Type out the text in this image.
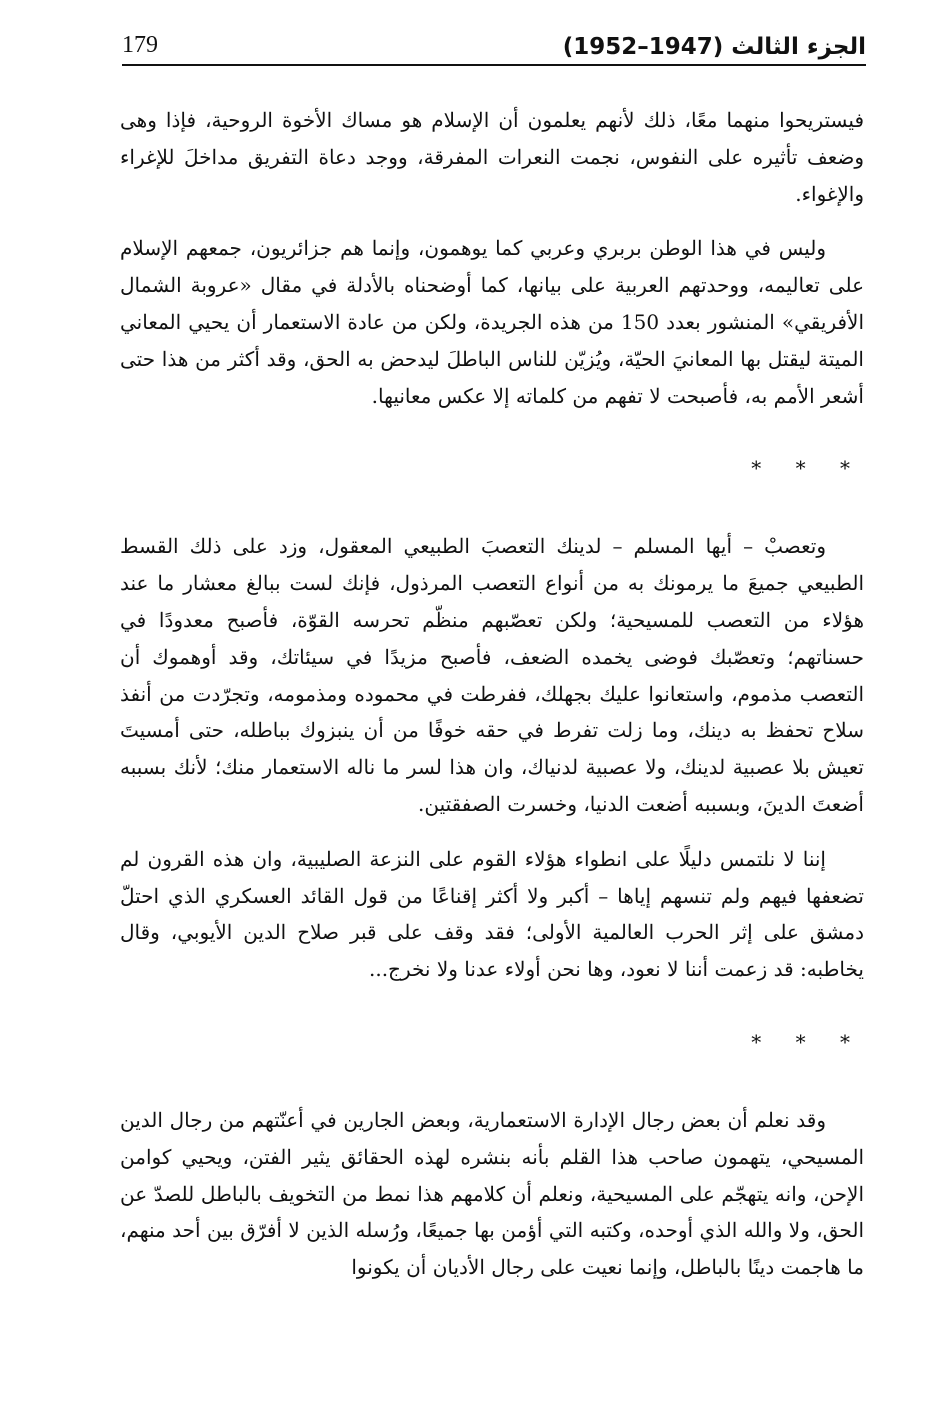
179	الجزء الثالث (1947–1952)

فيستريحوا منهما معًا، ذلك لأنهم يعلمون أن الإسلام هو مساك الأخوة الروحية، فإذا وهى وضعف تأثيره على النفوس، نجمت النعرات المفرقة، ووجد دعاة التفريق مداخلَ للإغراء والإغواء.

وليس في هذا الوطن بربري وعربي كما يوهمون، وإنما هم جزائريون، جمعهم الإسلام على تعاليمه، ووحدتهم العربية على بيانها، كما أوضحناه بالأدلة في مقال «عروبة الشمال الأفريقي» المنشور بعدد 150 من هذه الجريدة، ولكن من عادة الاستعمار أن يحيي المعاني الميتة ليقتل بها المعانيَ الحيّة، ويُزيّن للناس الباطلَ ليدحض به الحق، وقد أكثر من هذا حتى أشعر الأمم به، فأصبحت لا تفهم من كلماته إلا عكس معانيها.

* * *

وتعصبْ – أيها المسلم – لدينك التعصبَ الطبيعي المعقول، وزد على ذلك القسط الطبيعي جميعَ ما يرمونك به من أنواع التعصب المرذول، فإنك لست ببالغ معشار ما عند هؤلاء من التعصب للمسيحية؛ ولكن تعصّبهم منظّم تحرسه القوّة، فأصبح معدودًا في حسناتهم؛ وتعصّبك فوضى يخمده الضعف، فأصبح مزيدًا في سيئاتك، وقد أوهموك أن التعصب مذموم، واستعانوا عليك بجهلك، ففرطت في محموده ومذمومه، وتجرّدت من أنفذ سلاح تحفظ به دينك، وما زلت تفرط في حقه خوفًا من أن ينبزوك بباطله، حتى أمسيتَ تعيش بلا عصبية لدينك، ولا عصبية لدنياك، وان هذا لسر ما ناله الاستعمار منك؛ لأنك بسببه أضعتَ الدينَ، وبسببه أضعت الدنيا، وخسرت الصفقتين.

إننا لا نلتمس دليلًا على انطواء هؤلاء القوم على النزعة الصليبية، وان هذه القرون لم تضعفها فيهم ولم تنسهم إياها – أكبر ولا أكثر إقناعًا من قول القائد العسكري الذي احتلّ دمشق على إثر الحرب العالمية الأولى؛ فقد وقف على قبر صلاح الدين الأيوبي، وقال يخاطبه: قد زعمت أننا لا نعود، وها نحن أولاء عدنا ولا نخرج...

* * *

وقد نعلم أن بعض رجال الإدارة الاستعمارية، وبعض الجارين في أعنّتهم من رجال الدين المسيحي، يتهمون صاحب هذا القلم بأنه بنشره لهذه الحقائق يثير الفتن، ويحيي كوامن الإحن، وانه يتهجّم على المسيحية، ونعلم أن كلامهم هذا نمط من التخويف بالباطل للصدّ عن الحق، ولا والله الذي أوحده، وكتبه التي أؤمن بها جميعًا، ورُسله الذين لا أفرّق بين أحد منهم، ما هاجمت دينًا بالباطل، وإنما نعيت على رجال الأديان أن يكونوا
